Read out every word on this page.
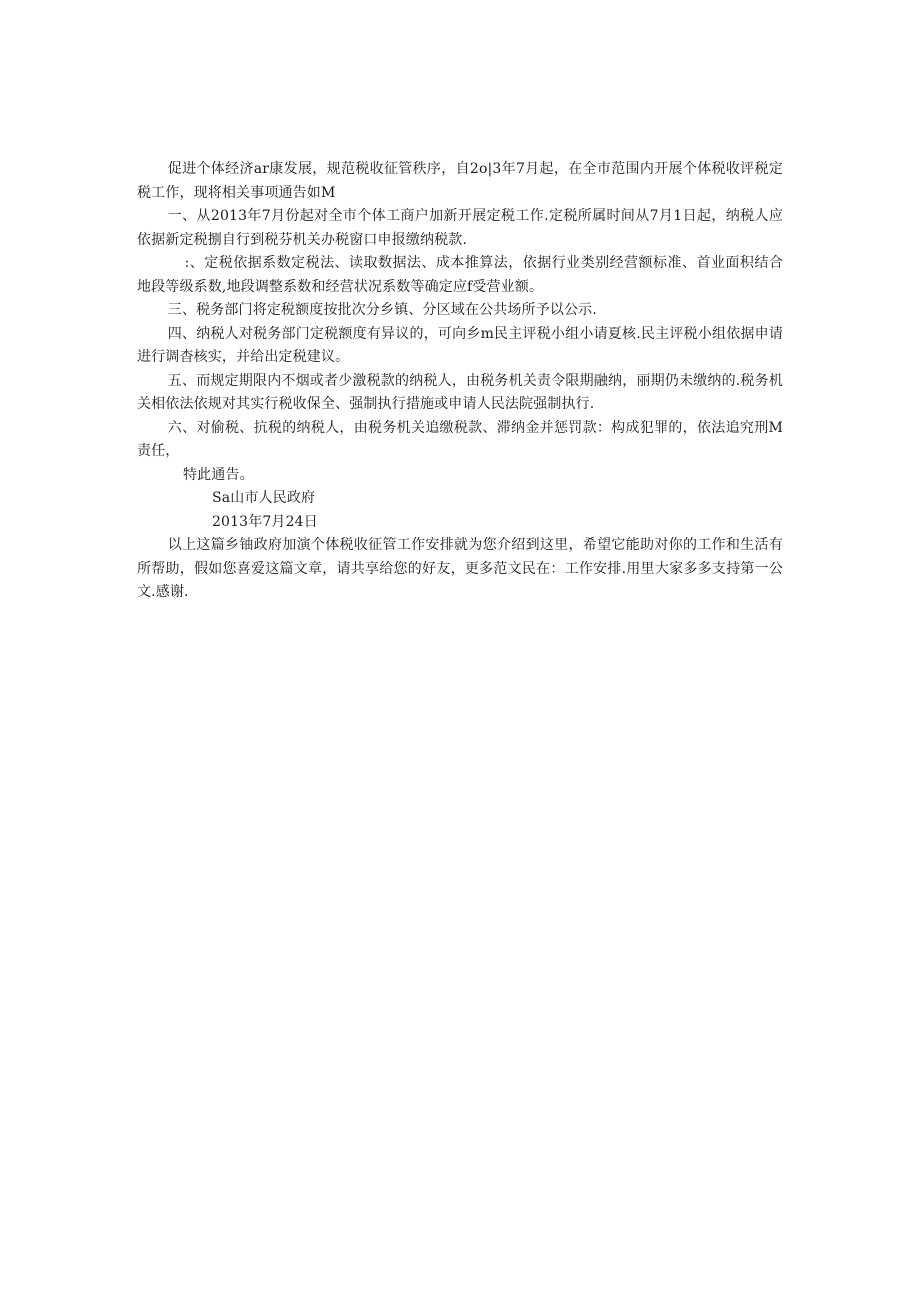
促进个体经济ar康发展，规范税收征管秩序，自2o|3年7月起，在全市范围内开展个体税收评税定税工作，现将相关事项通告如M

一、从2013年7月份起对全市个体工商户加新开展定税工作.定税所属时间从7月1日起，纳税人应依据新定税捌自行到税芬机关办税窗口申报缴纳税款.

:、定税依据系数定税法、读取数据法、成本推算法，依据行业类别经营额标准、首业面积结合地段等级系数,地段调整系数和经营状况系数等确定应f受营业额。

三、税务部门将定税额度按批次分乡镇、分区域在公共场所予以公示.

四、纳税人对税务部门定税额度有异议的，可向乡m民主评税小组小请夏核.民主评税小组依据申请进行调杳核实，并给出定税建议。

五、而规定期限内不烟或者少激税款的纳税人，由税务机关责令限期融纳，丽期仍未缴纳的.税务机关相依法依规对其实行税收保全、强制执行措施或申请人民法院强制执行.

六、对偷税、抗税的纳税人，由税务机关追缴税款、滞纳金并惩罚款：构成犯罪的，依法追究刑M责任，

特此通告。

Sa山市人民政府

2013年7月24日

以上这篇乡铀政府加演个体税收征管工作安排就为您介绍到这里，希望它能助对你的工作和生活有所帮助，假如您喜爱这篇文章，请共享给您的好友，更多范文民在：工作安排.用里大家多多支持第一公文.感谢.
